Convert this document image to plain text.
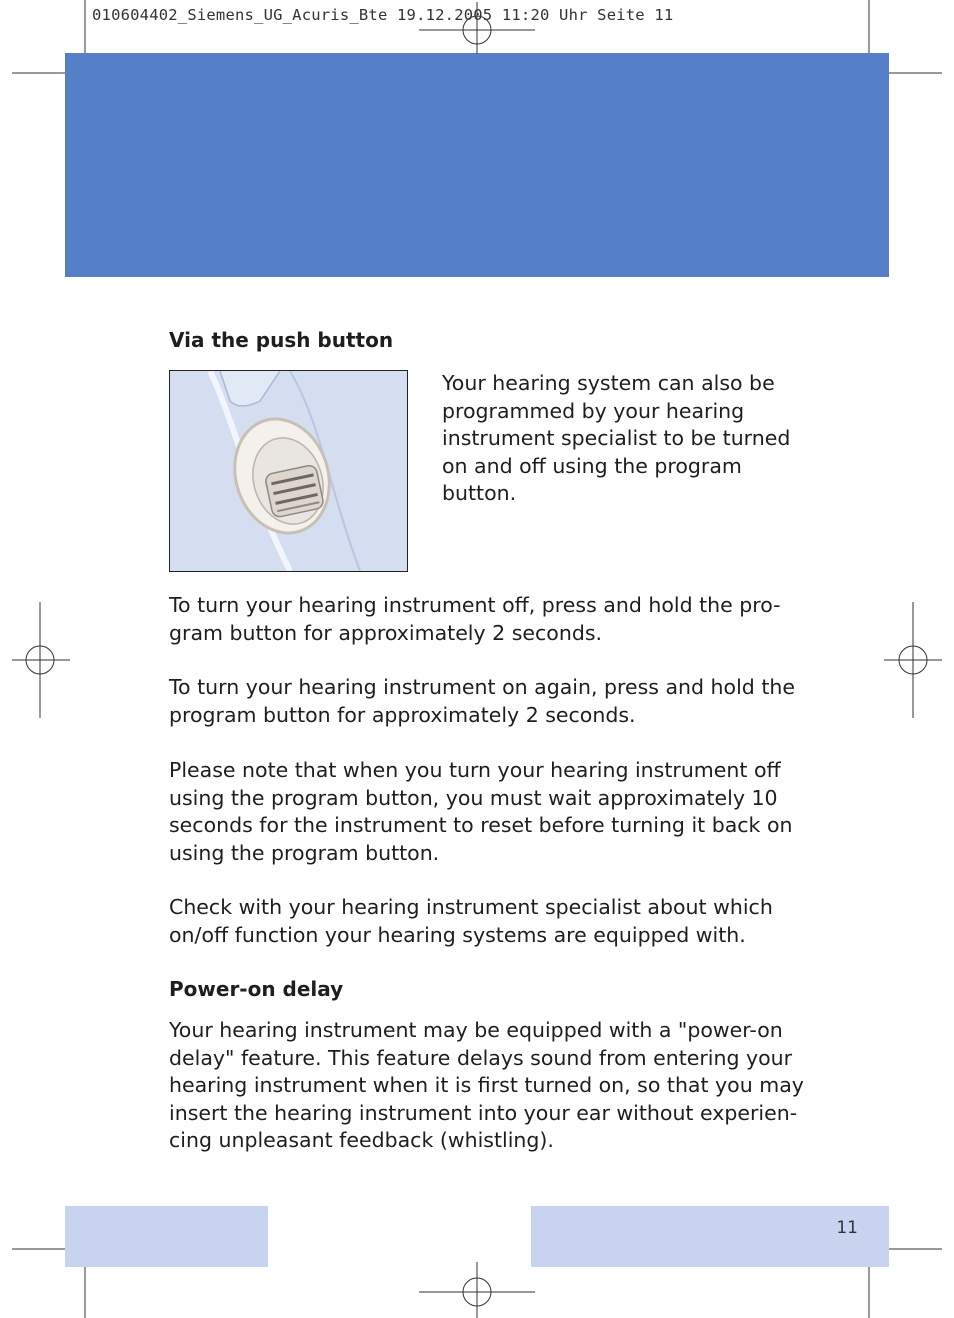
010604402_Siemens_UG_Acuris_Bte 19.12.2005 11:20 Uhr Seite 11
Via the push button

Your hearing system can also be programmed by your hearing instrument specialist to be turned on and off using the program button.

To turn your hearing instrument off, press and hold the pro-gram button for approximately 2 seconds.

To turn your hearing instrument on again, press and hold the program button for approximately 2 seconds.

Please note that when you turn your hearing instrument off using the program button, you must wait approximately 10 seconds for the instrument to reset before turning it back on using the program button.

Check with your hearing instrument specialist about which on/off function your hearing systems are equipped with.

Power-on delay

Your hearing instrument may be equipped with a "power-on delay" feature. This feature delays sound from entering your hearing instrument when it is first turned on, so that you may insert the hearing instrument into your ear without experien-cing unpleasant feedback (whistling).

11
